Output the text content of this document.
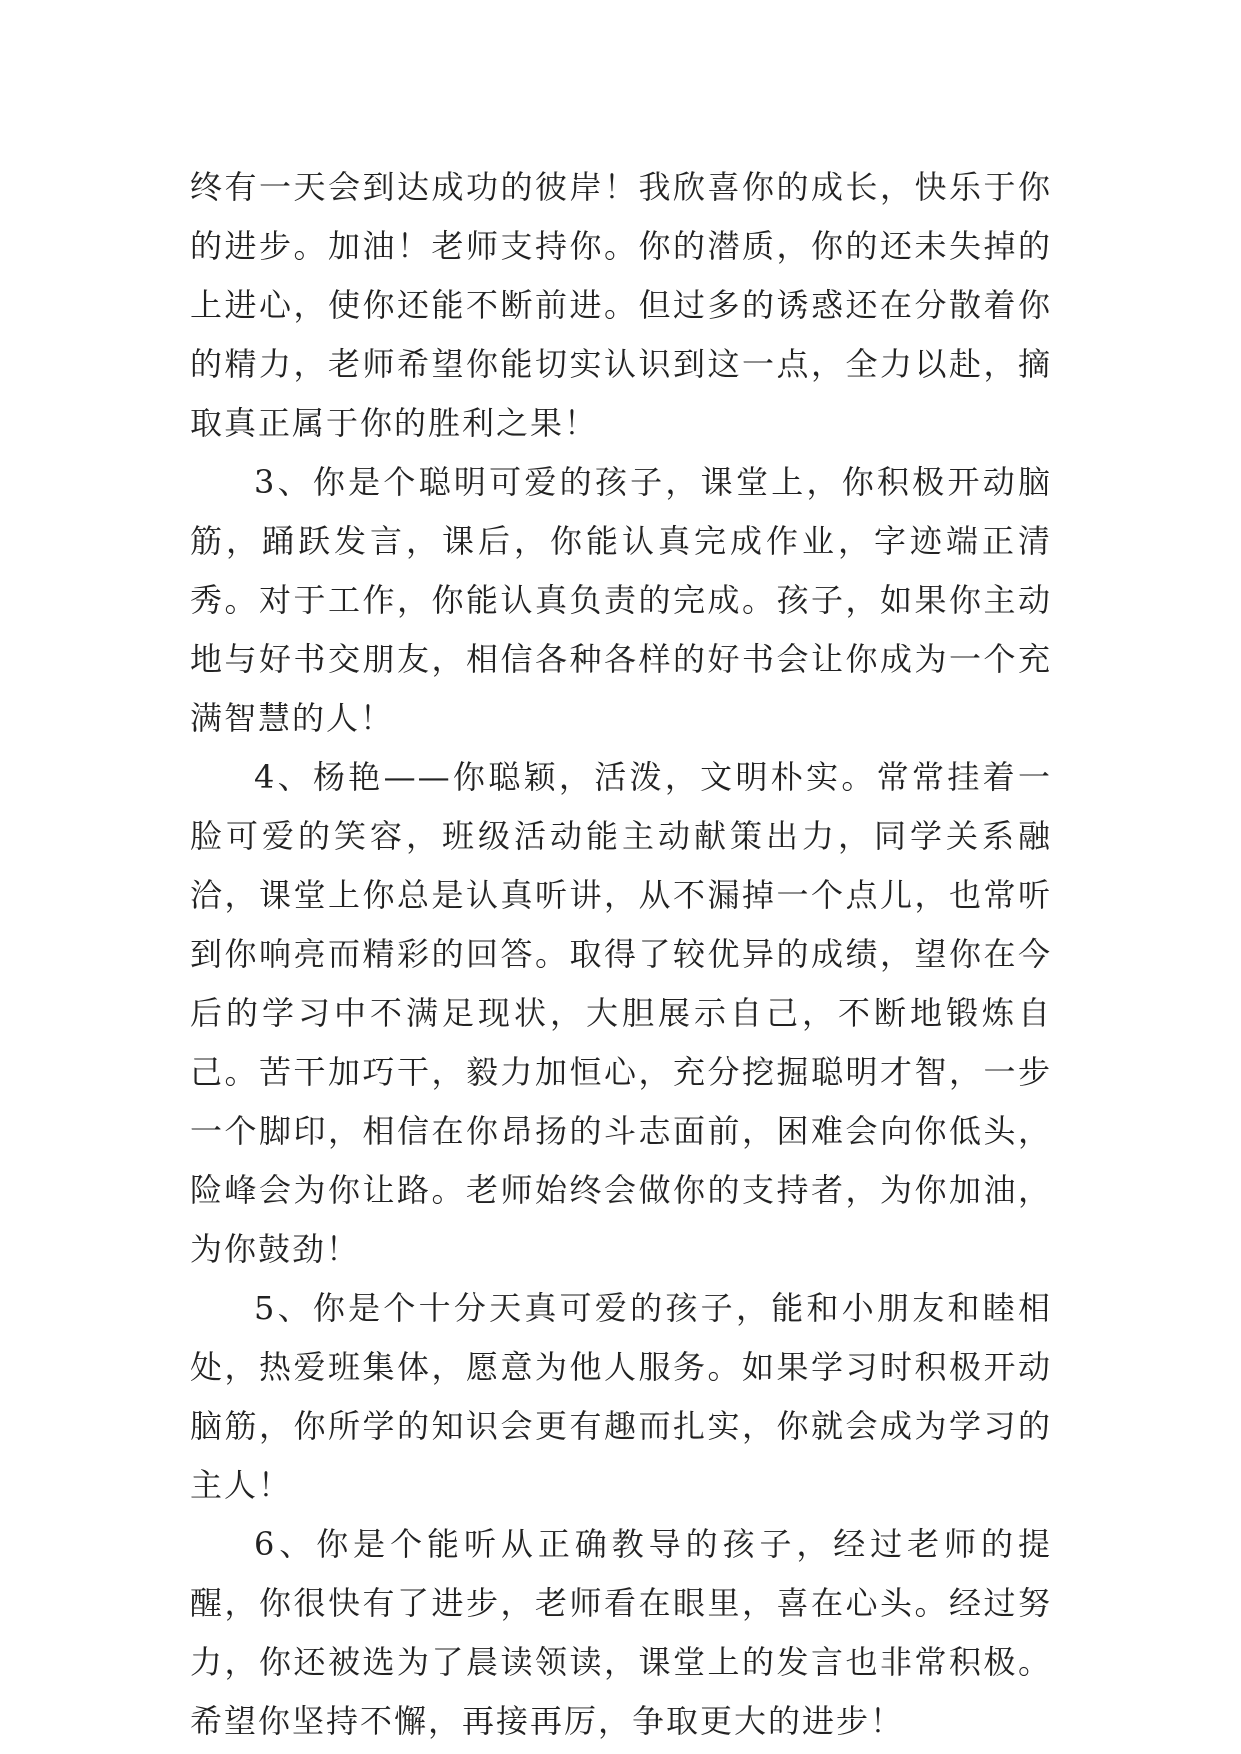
终有一天会到达成功的彼岸！我欣喜你的成长，快乐于你的进步。加油！老师支持你。你的潜质，你的还未失掉的上进心，使你还能不断前进。但过多的诱惑还在分散着你的精力，老师希望你能切实认识到这一点，全力以赴，摘取真正属于你的胜利之果！

3、你是个聪明可爱的孩子，课堂上，你积极开动脑筋，踊跃发言，课后，你能认真完成作业，字迹端正清秀。对于工作，你能认真负责的完成。孩子，如果你主动地与好书交朋友，相信各种各样的好书会让你成为一个充满智慧的人！

4、杨艳——你聪颖，活泼，文明朴实。常常挂着一脸可爱的笑容，班级活动能主动献策出力，同学关系融洽，课堂上你总是认真听讲，从不漏掉一个点儿，也常听到你响亮而精彩的回答。取得了较优异的成绩，望你在今后的学习中不满足现状，大胆展示自己，不断地锻炼自己。苦干加巧干，毅力加恒心，充分挖掘聪明才智，一步一个脚印，相信在你昂扬的斗志面前，困难会向你低头，险峰会为你让路。老师始终会做你的支持者，为你加油，为你鼓劲！

5、你是个十分天真可爱的孩子，能和小朋友和睦相处，热爱班集体，愿意为他人服务。如果学习时积极开动脑筋，你所学的知识会更有趣而扎实，你就会成为学习的主人！

6、你是个能听从正确教导的孩子，经过老师的提醒，你很快有了进步，老师看在眼里，喜在心头。经过努力，你还被选为了晨读领读，课堂上的发言也非常积极。希望你坚持不懈，再接再厉，争取更大的进步！
